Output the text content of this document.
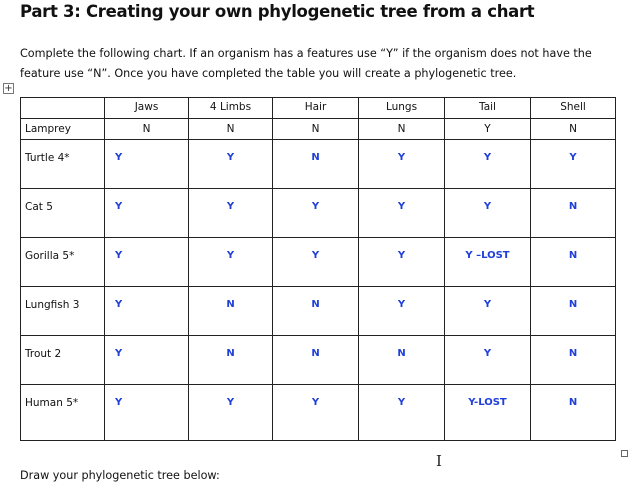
Part 3: Creating your own phylogenetic tree from a chart
Complete the following chart. If an organism has a features use “Y” if the organism does not have the
feature use “N”. Once you have completed the table you will create a phylogenetic tree.
+
	Jaws	4 Limbs	Hair	Lungs	Tail	Shell
Lamprey	N	N	N	N	Y	N
Turtle 4*	Y	Y	N	Y	Y	Y
Cat 5	Y	Y	Y	Y	Y	N
Gorilla 5*	Y	Y	Y	Y	Y –LOST	N
Lungfish 3	Y	N	N	Y	Y	N
Trout 2	Y	N	N	N	Y	N
Human 5*	Y	Y	Y	Y	Y-LOST	N
I
Draw your phylogenetic tree below:
